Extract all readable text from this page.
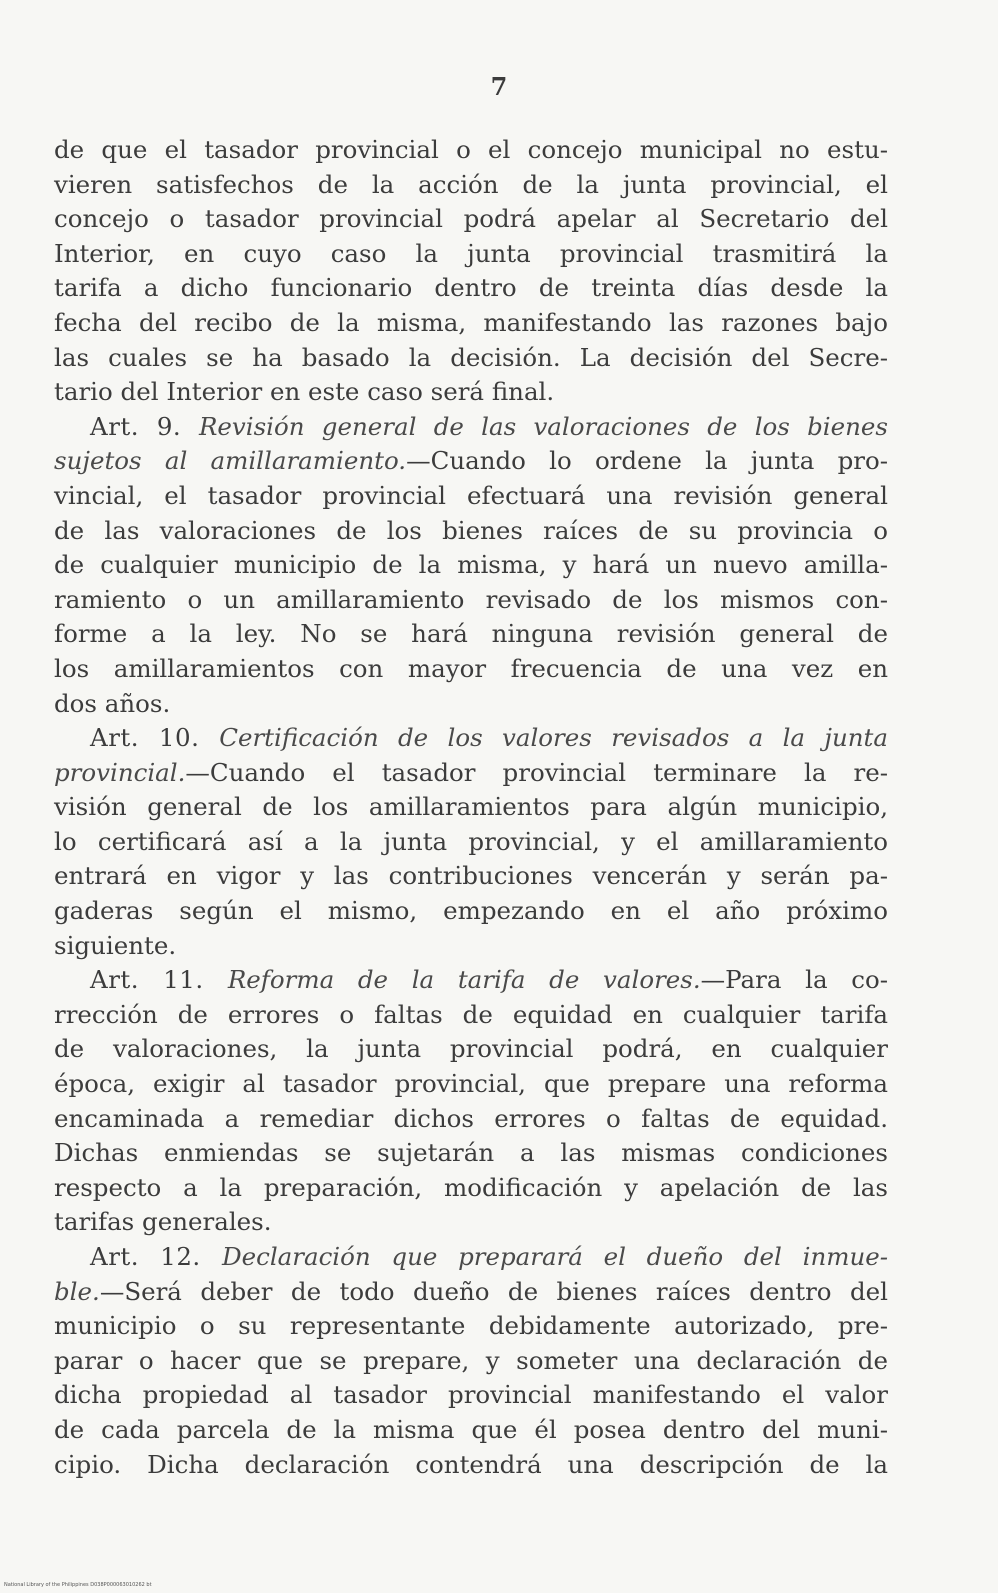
7
de que el tasador provincial o el concejo municipal no estu-
vieren satisfechos de la acción de la junta provincial, el
concejo o tasador provincial podrá apelar al Secretario del
Interior, en cuyo caso la junta provincial trasmitirá la
tarifa a dicho funcionario dentro de treinta días desde la
fecha del recibo de la misma, manifestando las razones bajo
las cuales se ha basado la decisión. La decisión del Secre-
tario del Interior en este caso será final.
Art. 9. Revisión general de las valoraciones de los bienes
sujetos al amillaramiento.—Cuando lo ordene la junta pro-
vincial, el tasador provincial efectuará una revisión general
de las valoraciones de los bienes raíces de su provincia o
de cualquier municipio de la misma, y hará un nuevo amilla-
ramiento o un amillaramiento revisado de los mismos con-
forme a la ley. No se hará ninguna revisión general de
los amillaramientos con mayor frecuencia de una vez en
dos años.
Art. 10. Certificación de los valores revisados a la junta
provincial.—Cuando el tasador provincial terminare la re-
visión general de los amillaramientos para algún municipio,
lo certificará así a la junta provincial, y el amillaramiento
entrará en vigor y las contribuciones vencerán y serán pa-
gaderas según el mismo, empezando en el año próximo
siguiente.
Art. 11. Reforma de la tarifa de valores.—Para la co-
rrección de errores o faltas de equidad en cualquier tarifa
de valoraciones, la junta provincial podrá, en cualquier
época, exigir al tasador provincial, que prepare una reforma
encaminada a remediar dichos errores o faltas de equidad.
Dichas enmiendas se sujetarán a las mismas condiciones
respecto a la preparación, modificación y apelación de las
tarifas generales.
Art. 12. Declaración que preparará el dueño del inmue-
ble.—Será deber de todo dueño de bienes raíces dentro del
municipio o su representante debidamente autorizado, pre-
parar o hacer que se prepare, y someter una declaración de
dicha propiedad al tasador provincial manifestando el valor
de cada parcela de la misma que él posea dentro del muni-
cipio. Dicha declaración contendrá una descripción de la
National Library of the Philippines D038P000063010262 bt
